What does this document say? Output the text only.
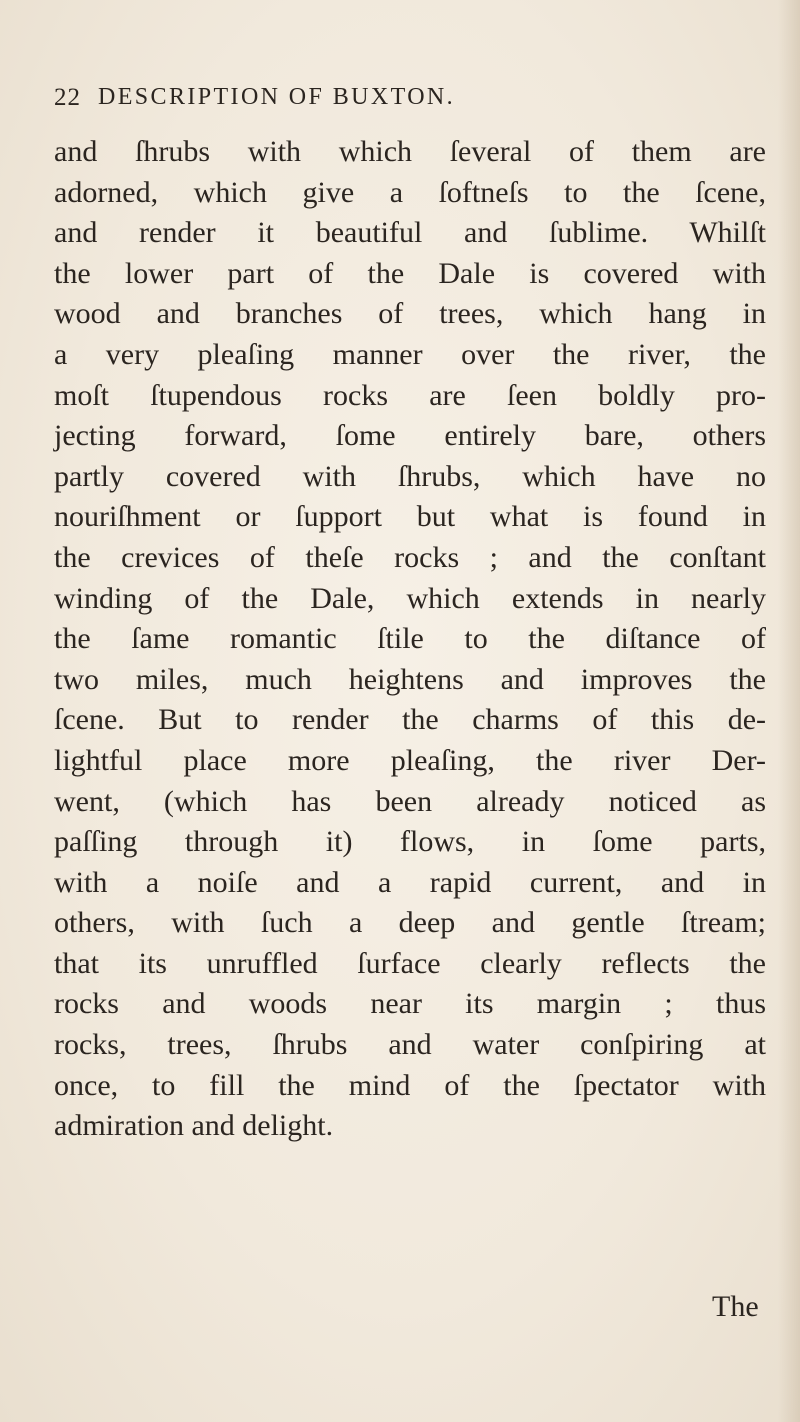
22 DESCRIPTION OF BUXTON.
and ſhrubs with which ſeveral of them are
adorned, which give a ſoftneſs to the ſcene,
and render it beautiful and ſublime. Whilſt
the lower part of the Dale is covered with
wood and branches of trees, which hang in
a very pleaſing manner over the river, the
moſt ſtupendous rocks are ſeen boldly pro-
jecting forward, ſome entirely bare, others
partly covered with ſhrubs, which have no
nouriſhment or ſupport but what is found in
the crevices of theſe rocks ; and the conſtant
winding of the Dale, which extends in nearly
the ſame romantic ſtile to the diſtance of
two miles, much heightens and improves the
ſcene. But to render the charms of this de-
lightful place more pleaſing, the river Der-
went, (which has been already noticed as
paſſing through it) flows, in ſome parts,
with a noiſe and a rapid current, and in
others, with ſuch a deep and gentle ſtream;
that its unruffled ſurface clearly reflects the
rocks and woods near its margin ; thus
rocks, trees, ſhrubs and water conſpiring at
once, to fill the mind of the ſpectator with
admiration and delight.
The
